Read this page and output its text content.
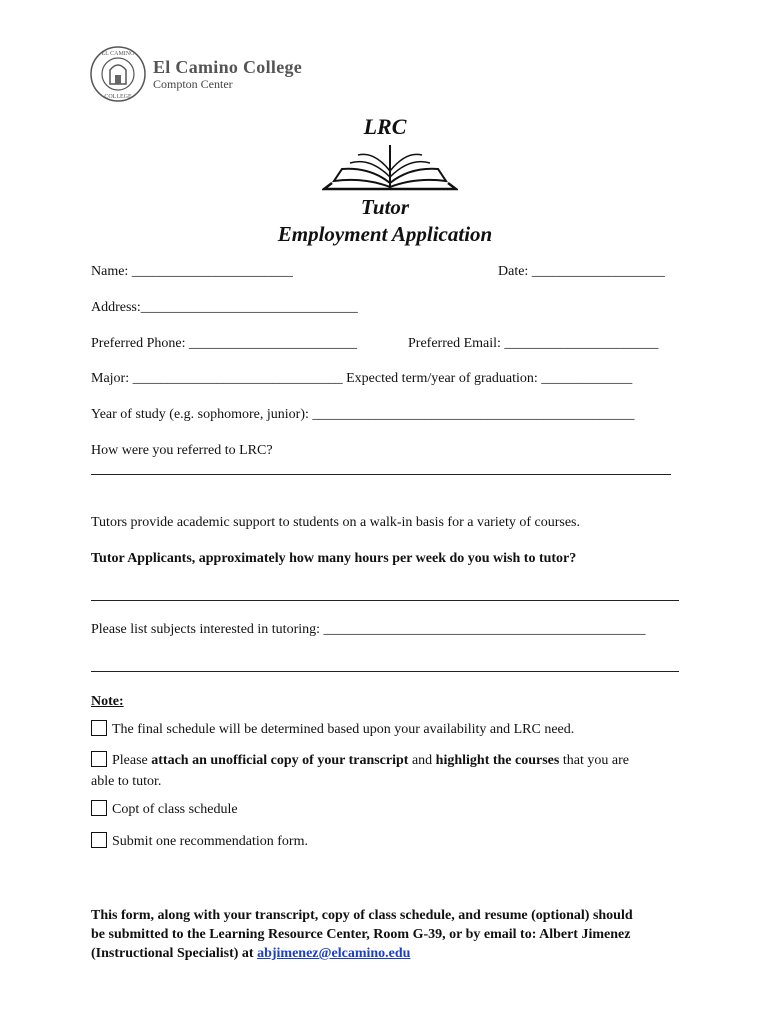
EL CAMINO
COLLEGE
El Camino College
Compton Center
LRC
Tutor
Employment Application
Name: _______________________	Date: ___________________
Address:_______________________________
Preferred Phone: ________________________	Preferred Email: ______________________
Major: ______________________________ Expected term/year of graduation: _____________
Year of study (e.g. sophomore, junior): ______________________________________________
How were you referred to LRC?
Tutors provide academic support to students on a walk-in basis for a variety of courses.
Tutor Applicants, approximately how many hours per week do you wish to tutor?
Please list subjects interested in tutoring: ______________________________________________
Note:
The final schedule will be determined based upon your availability and LRC need.
Please attach an unofficial copy of your transcript and highlight the courses that you are
able to tutor.
Copt of class schedule
Submit one recommendation form.
This form, along with your transcript, copy of class schedule, and resume (optional) should
be submitted to the Learning Resource Center, Room G-39, or by email to: Albert Jimenez
(Instructional Specialist) at abjimenez@elcamino.edu
